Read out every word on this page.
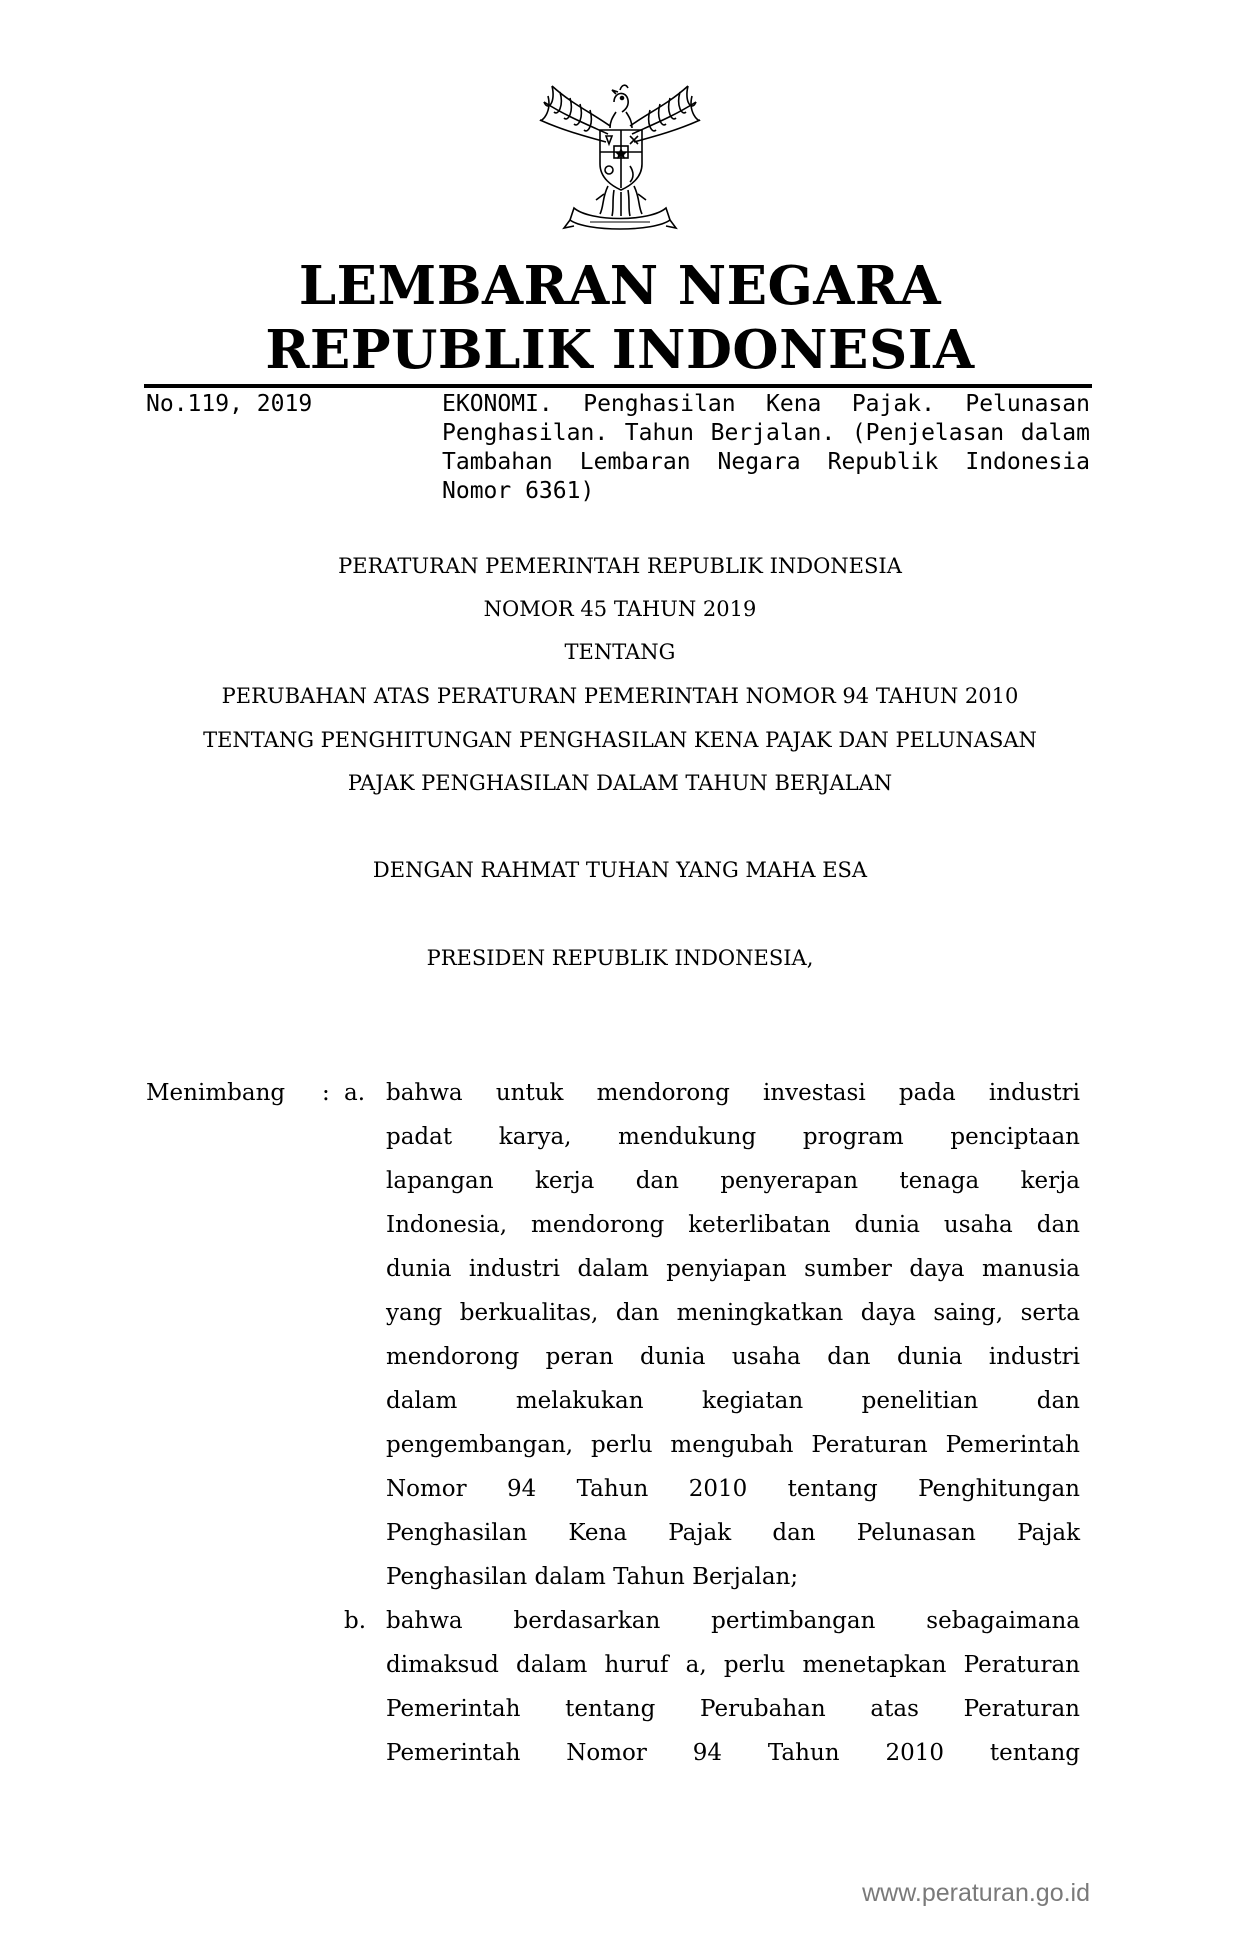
LEMBARAN NEGARA
REPUBLIK INDONESIA
No.119, 2019	EKONOMI. Penghasilan Kena Pajak. Pelunasan
Penghasilan. Tahun Berjalan. (Penjelasan dalam
Tambahan Lembaran Negara Republik Indonesia
Nomor 6361)
PERATURAN PEMERINTAH REPUBLIK INDONESIA
NOMOR 45 TAHUN 2019
TENTANG
PERUBAHAN ATAS PERATURAN PEMERINTAH NOMOR 94 TAHUN 2010
TENTANG PENGHITUNGAN PENGHASILAN KENA PAJAK DAN PELUNASAN
PAJAK PENGHASILAN DALAM TAHUN BERJALAN
DENGAN RAHMAT TUHAN YANG MAHA ESA
PRESIDEN REPUBLIK INDONESIA,
Menimbang : a. bahwa untuk mendorong investasi pada industri
padat karya, mendukung program penciptaan
lapangan kerja dan penyerapan tenaga kerja
Indonesia, mendorong keterlibatan dunia usaha dan
dunia industri dalam penyiapan sumber daya manusia
yang berkualitas, dan meningkatkan daya saing, serta
mendorong peran dunia usaha dan dunia industri
dalam melakukan kegiatan penelitian dan
pengembangan, perlu mengubah Peraturan Pemerintah
Nomor 94 Tahun 2010 tentang Penghitungan
Penghasilan Kena Pajak dan Pelunasan Pajak
Penghasilan dalam Tahun Berjalan;
b. bahwa berdasarkan pertimbangan sebagaimana
dimaksud dalam huruf a, perlu menetapkan Peraturan
Pemerintah tentang Perubahan atas Peraturan
Pemerintah Nomor 94 Tahun 2010 tentang
www.peraturan.go.id
